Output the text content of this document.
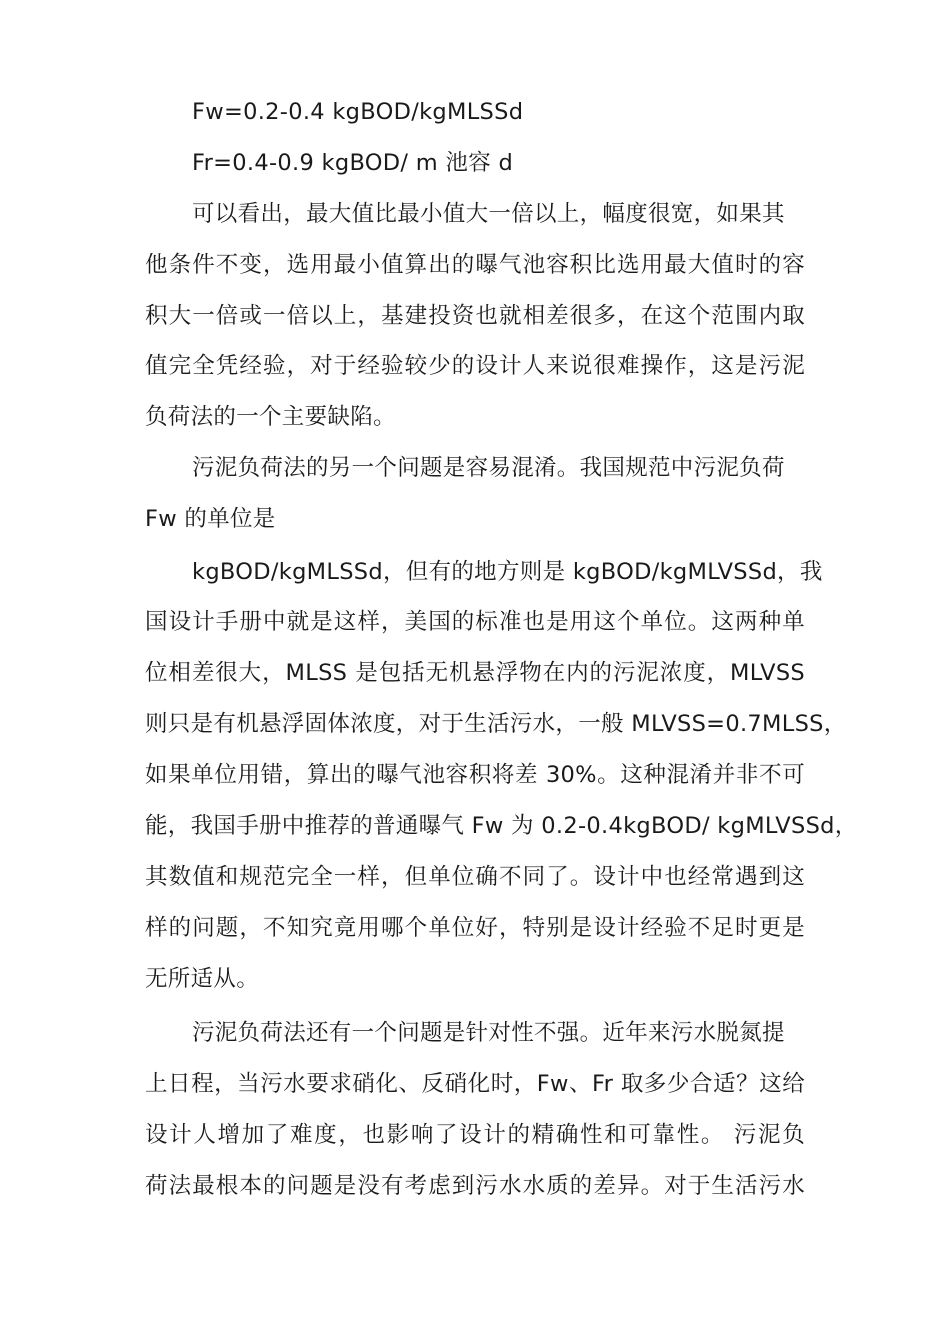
Fw=0.2-0.4 kgBOD/kgMLSSd
Fr=0.4-0.9 kgBOD/ m 池容 d
可以看出，最大值比最小值大一倍以上，幅度很宽，如果其
他条件不变，选用最小值算出的曝气池容积比选用最大值时的容
积大一倍或一倍以上，基建投资也就相差很多，在这个范围内取
值完全凭经验，对于经验较少的设计人来说很难操作，这是污泥
负荷法的一个主要缺陷。
污泥负荷法的另一个问题是容易混淆。我国规范中污泥负荷
Fw 的单位是
kgBOD/kgMLSSd，但有的地方则是 kgBOD/kgMLVSSd，我
国设计手册中就是这样，美国的标准也是用这个单位。这两种单
位相差很大，MLSS 是包括无机悬浮物在内的污泥浓度，MLVSS
则只是有机悬浮固体浓度，对于生活污水，一般 MLVSS=0.7MLSS，
如果单位用错，算出的曝气池容积将差 30%。这种混淆并非不可
能，我国手册中推荐的普通曝气 Fw 为 0.2-0.4kgBOD/ kgMLVSSd，
其数值和规范完全一样，但单位确不同了。设计中也经常遇到这
样的问题，不知究竟用哪个单位好，特别是设计经验不足时更是
无所适从。
污泥负荷法还有一个问题是针对性不强。近年来污水脱氮提
上日程，当污水要求硝化、反硝化时，Fw、Fr 取多少合适？这给
设计人增加了难度，也影响了设计的精确性和可靠性。 污泥负
荷法最根本的问题是没有考虑到污水水质的差异。对于生活污水
